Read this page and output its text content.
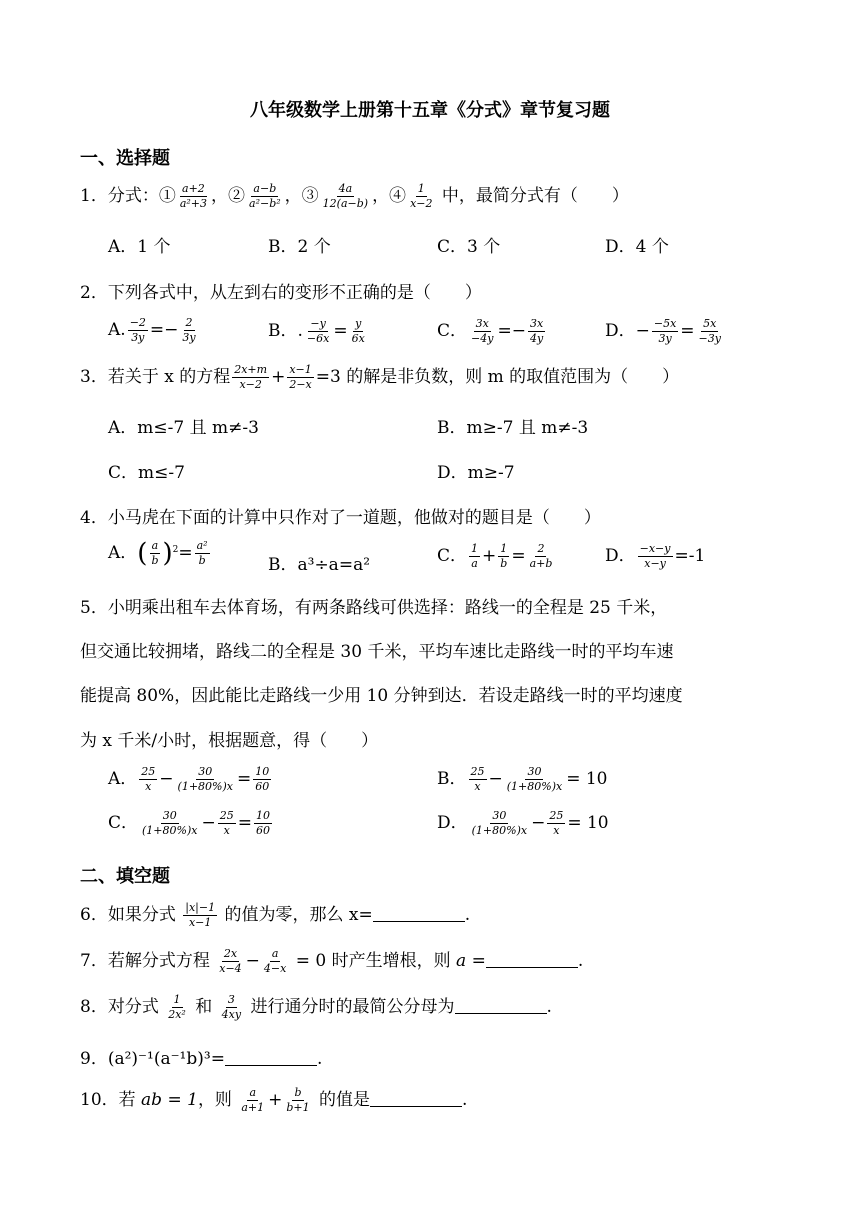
八年级数学上册第十五章《分式》章节复习题
一、选择题
1．分式：① $\frac{a+2}{\text{a²+3}}$ ，② $\frac{a-b}{\text{a²−b²}}$ ，③ $\frac{4a}{12(a-b)}$ ，④ $\frac{1}{x-2}$ 中，最简分式有（　　）
A．1 个	B．2 个	C．3 个	D．4 个
2．下列各式中，从左到右的变形不正确的是（　　）
A. $\frac{-2}{3y} =- \frac{2}{3y}$	B．. $\frac{-y}{-6x} = \frac{y}{6x}$	C． $\frac{3x}{-4y} =- \frac{3x}{4y}$	D．− $\frac{-5x}{3y} = \frac{5x}{-3y}$
3．若关于 x 的方程 $\frac{2x+m}{x-2} + \frac{x-1}{2-x} =3$ 的解是非负数，则 m 的取值范围为（　　）
A．m≤-7 且 m≠-3	B．m≥-7 且 m≠-3
C．m≤-7	D．m≥-7
4．小马虎在下面的计算中只作对了一道题，他做对的题目是（　　）
A．( $\frac{a}{b} )^2= \frac{\text{a²}}{b}$	B．a³÷a=a²	C． $\frac{1}{a} + \frac{1}{b} = \frac{2}{a+b}$	D． $\frac{-x-y}{x-y} =-1$
5．小明乘出租车去体育场，有两条路线可供选择：路线一的全程是 25 千米，
但交通比较拥堵，路线二的全程是 30 千米，平均车速比走路线一时的平均车速
能提高 80%，因此能比走路线一少用 10 分钟到达．若设走路线一时的平均速度
为 x 千米/小时，根据题意，得（　　）
A． $\frac{25}{x} - \frac{30}{(1+80\%)x} = \frac{10}{60}$	B． $\frac{25}{x} - \frac{30}{(1+80\%)x} = 10$
C． $\frac{30}{(1+80\%)x} - \frac{25}{x} = \frac{10}{60}$	D． $\frac{30}{(1+80\%)x} - \frac{25}{x} = 10$
二、填空题
6．如果分式 $\frac{|x|-1}{x-1}$ 的值为零，那么 x=	.
7．若解分式方程 $\frac{2x}{x-4} - \frac{a}{4-x} = 0$ 时产生增根，则 a =	.
8．对分式 $\frac{1}{\text{2x²}}$ 和 $\frac{3}{4xy}$ 进行通分时的最简公分母为	.
9．(a²)⁻¹(a⁻¹b)³=	.
10．若 ab = 1，则 $\frac{a}{a+1} + \frac{b}{b+1}$ 的值是	.
